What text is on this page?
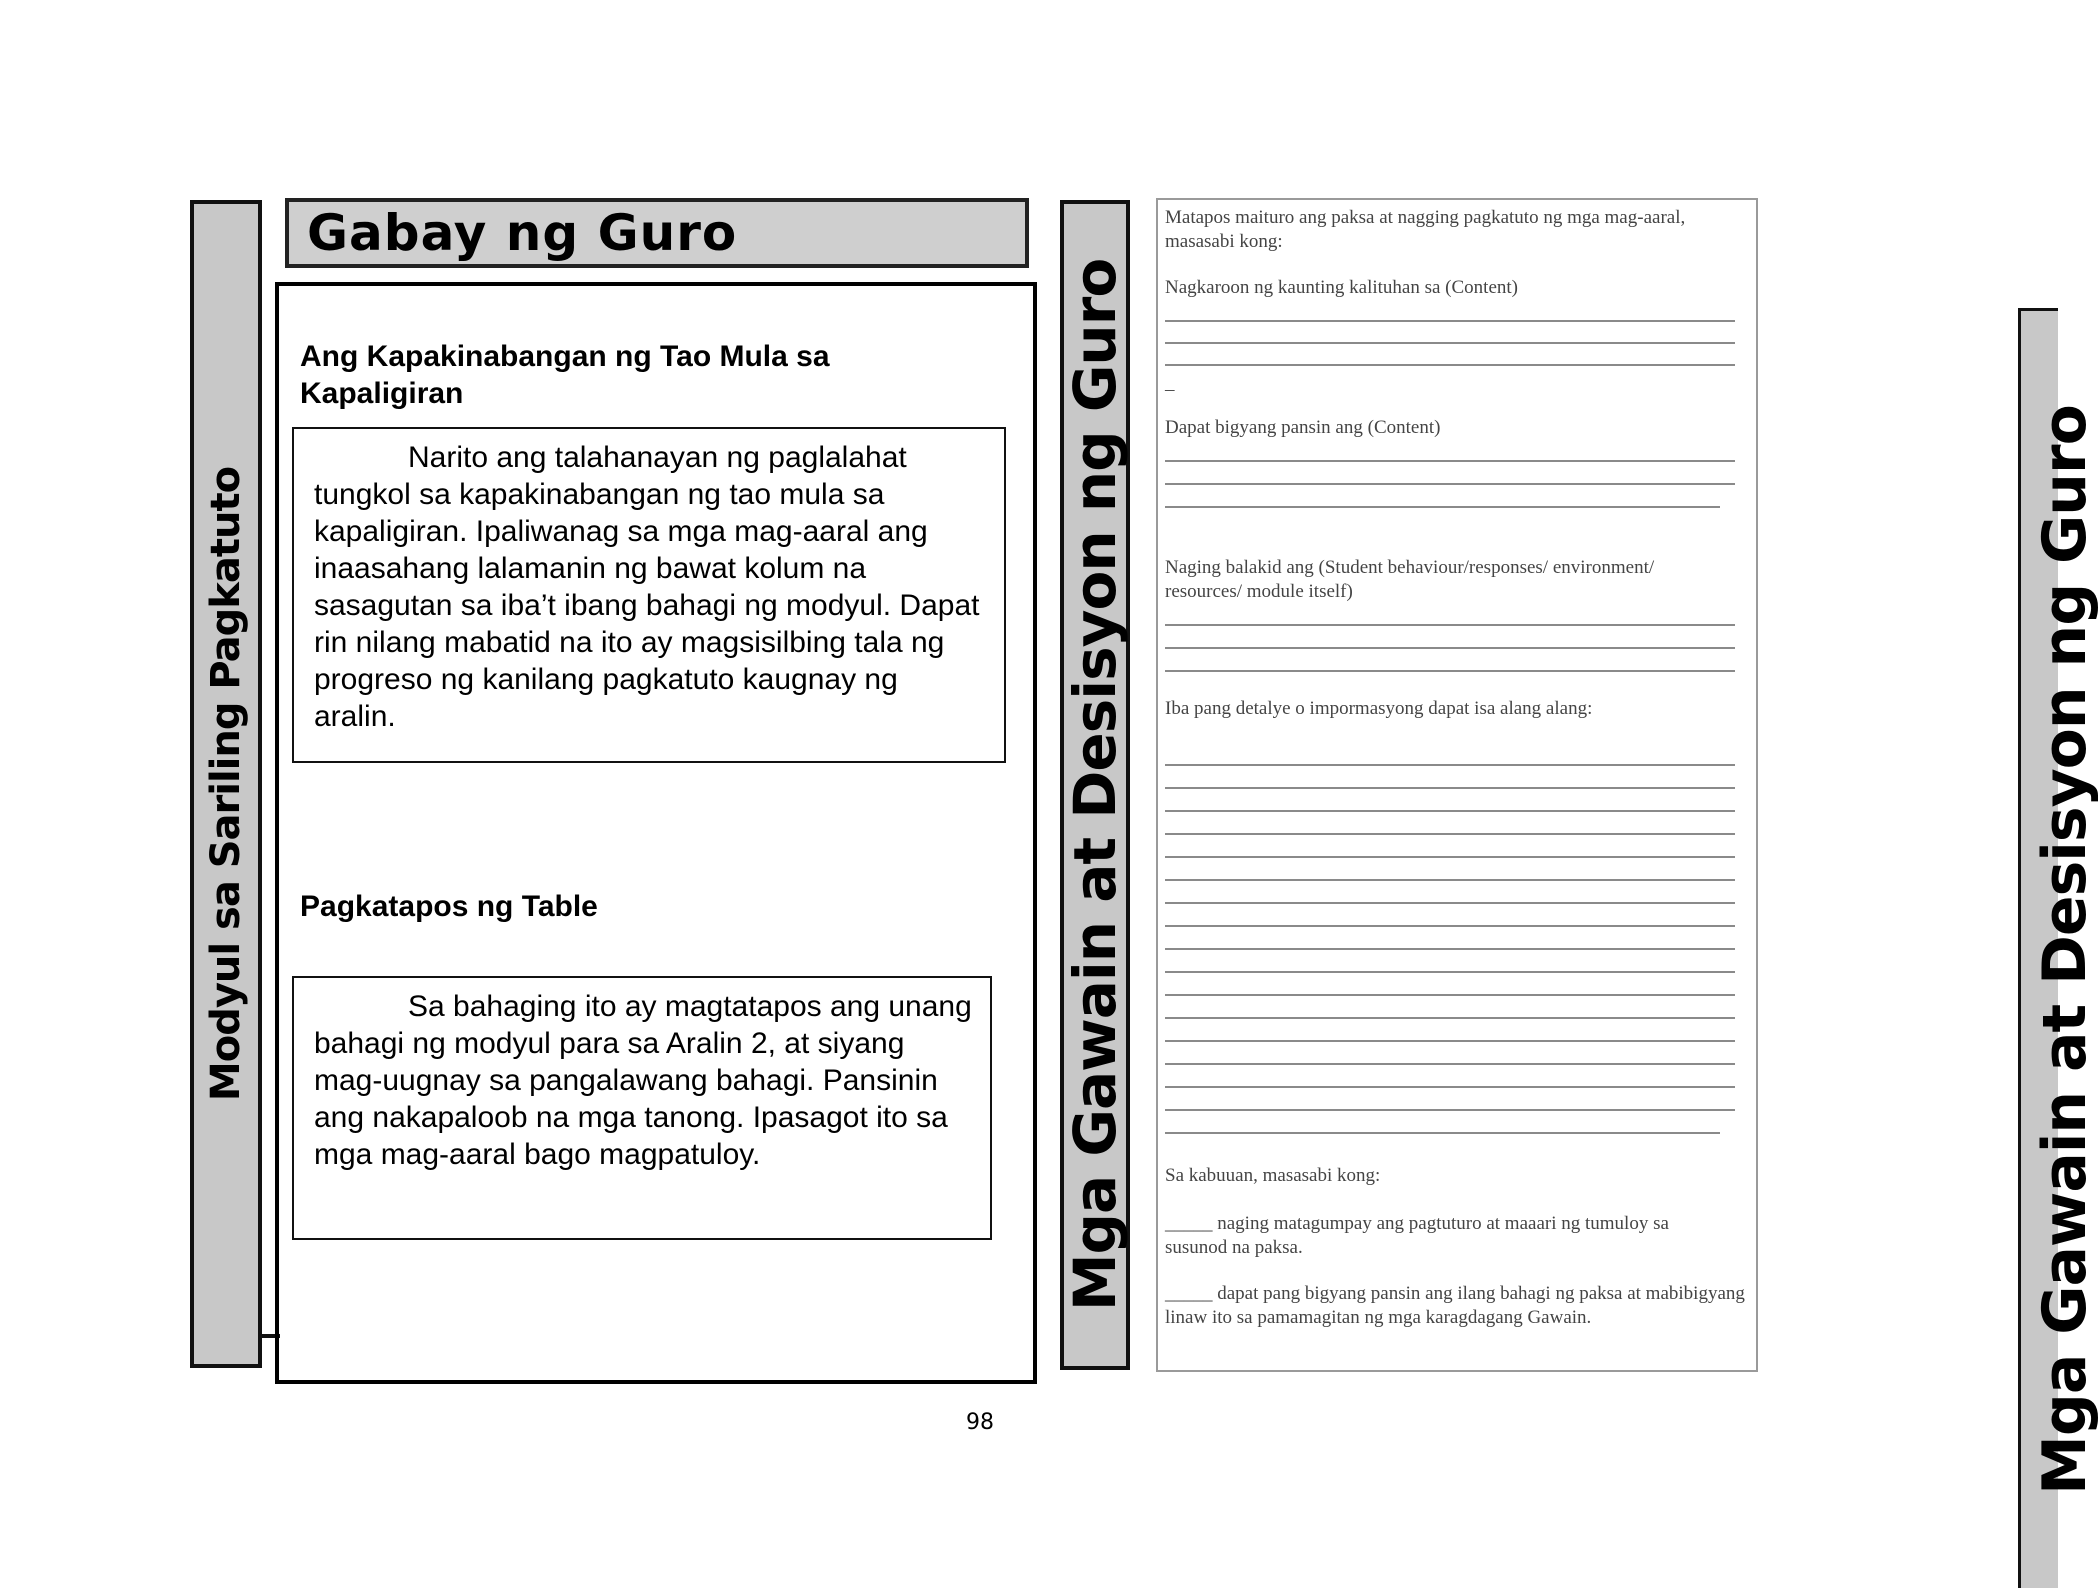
Modyul sa Sariling Pagkatuto
Gabay ng Guro
Ang Kapakinabangan ng Tao Mula sa Kapaligiran

Narito ang talahanayan ng paglalahat tungkol sa kapakinabangan ng tao mula sa kapaligiran. Ipaliwanag sa mga mag-aaral ang inaasahang lalamanin ng bawat kolum na sasagutan sa iba’t ibang bahagi ng modyul. Dapat rin nilang mabatid na ito ay magsisilbing tala ng progreso ng kanilang pagkatuto kaugnay ng aralin.

Pagkatapos ng Table

Sa bahaging ito ay magtatapos ang unang bahagi ng modyul para sa Aralin 2, at siyang mag-uugnay sa pangalawang bahagi. Pansinin ang nakapaloob na mga tanong. Ipasagot ito sa mga mag-aaral bago magpatuloy.	Mga Gawain at Desisyon ng Guro
Matapos maituro ang paksa at nagging pagkatuto ng mga mag-aaral, masasabi kong:
Nagkaroon ng kaunting kalituhan sa (Content)
–
Dapat bigyang pansin ang (Content)
Naging balakid ang (Student behaviour/responses/ environment/ resources/ module itself)
Iba pang detalye o impormasyong dapat isa alang alang:
Sa kabuuan, masasabi kong:
_____ naging matagumpay ang pagtuturo at maaari ng tumuloy sa susunod na paksa.
_____ dapat pang bigyang pansin ang ilang bahagi ng paksa at mabibigyang linaw ito sa pamamagitan ng mga karagdagang Gawain.	Mga Gawain at Desisyon ng Guro
98
